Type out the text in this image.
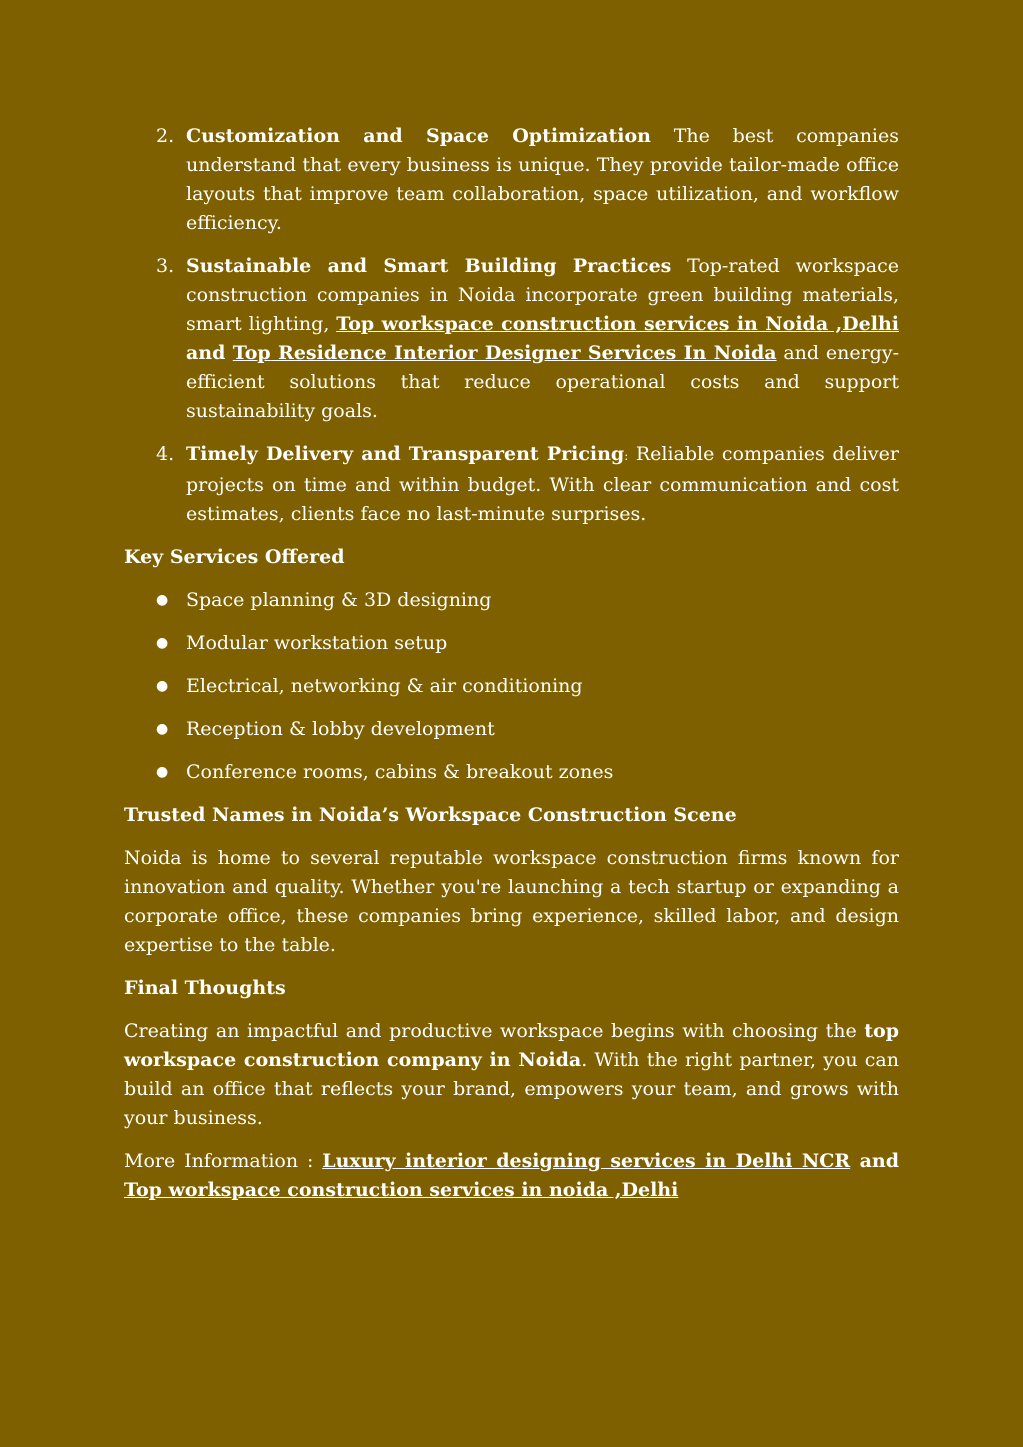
2. Customization and Space Optimization The best companies understand that every business is unique. They provide tailor-made office layouts that improve team collaboration, space utilization, and workflow efficiency.
3. Sustainable and Smart Building Practices Top-rated workspace construction companies in Noida incorporate green building materials, smart lighting, Top workspace construction services in Noida ,Delhi and Top Residence Interior Designer Services In Noida and energy-efficient solutions that reduce operational costs and support sustainability goals.
4. Timely Delivery and Transparent Pricing: Reliable companies deliver projects on time and within budget. With clear communication and cost estimates, clients face no last-minute surprises.
Key Services Offered
● Space planning & 3D designing
● Modular workstation setup
● Electrical, networking & air conditioning
● Reception & lobby development
● Conference rooms, cabins & breakout zones
Trusted Names in Noida’s Workspace Construction Scene

Noida is home to several reputable workspace construction firms known for innovation and quality. Whether you're launching a tech startup or expanding a corporate office, these companies bring experience, skilled labor, and design expertise to the table.

Final Thoughts

Creating an impactful and productive workspace begins with choosing the top workspace construction company in Noida. With the right partner, you can build an office that reflects your brand, empowers your team, and grows with your business.

More Information : Luxury interior designing services in Delhi NCR and Top workspace construction services in noida ,Delhi
